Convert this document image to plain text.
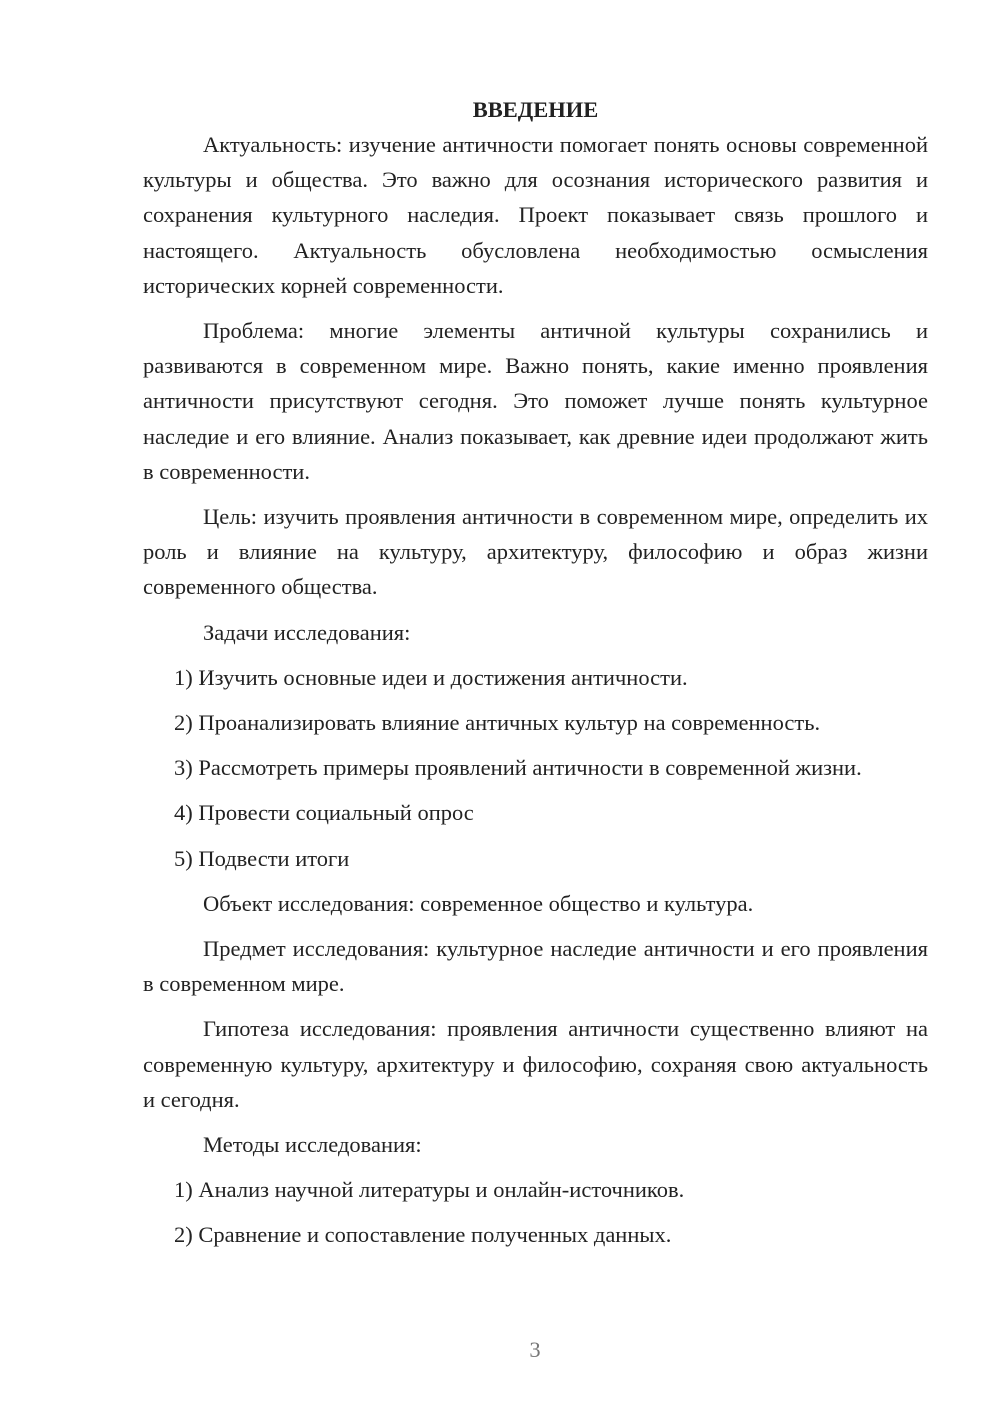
ВВЕДЕНИЕ

Актуальность: изучение античности помогает понять основы современной культуры и общества. Это важно для осознания исторического развития и сохранения культурного наследия. Проект показывает связь прошлого и настоящего. Актуальность обусловлена необходимостью осмысления исторических корней современности.

Проблема: многие элементы античной культуры сохранились и развиваются в современном мире. Важно понять, какие именно проявления античности присутствуют сегодня. Это поможет лучше понять культурное наследие и его влияние. Анализ показывает, как древние идеи продолжают жить в современности.

Цель: изучить проявления античности в современном мире, определить их роль и влияние на культуру, архитектуру, философию и образ жизни современного общества.

Задачи исследования:

1) Изучить основные идеи и достижения античности.

2) Проанализировать влияние античных культур на современность.

3) Рассмотреть примеры проявлений античности в современной жизни.

4) Провести социальный опрос

5) Подвести итоги

Объект исследования: современное общество и культура.

Предмет исследования: культурное наследие античности и его проявления в современном мире.

Гипотеза исследования: проявления античности существенно влияют на современную культуру, архитектуру и философию, сохраняя свою актуальность и сегодня.

Методы исследования:

1) Анализ научной литературы и онлайн-источников.

2) Сравнение и сопоставление полученных данных.

3
